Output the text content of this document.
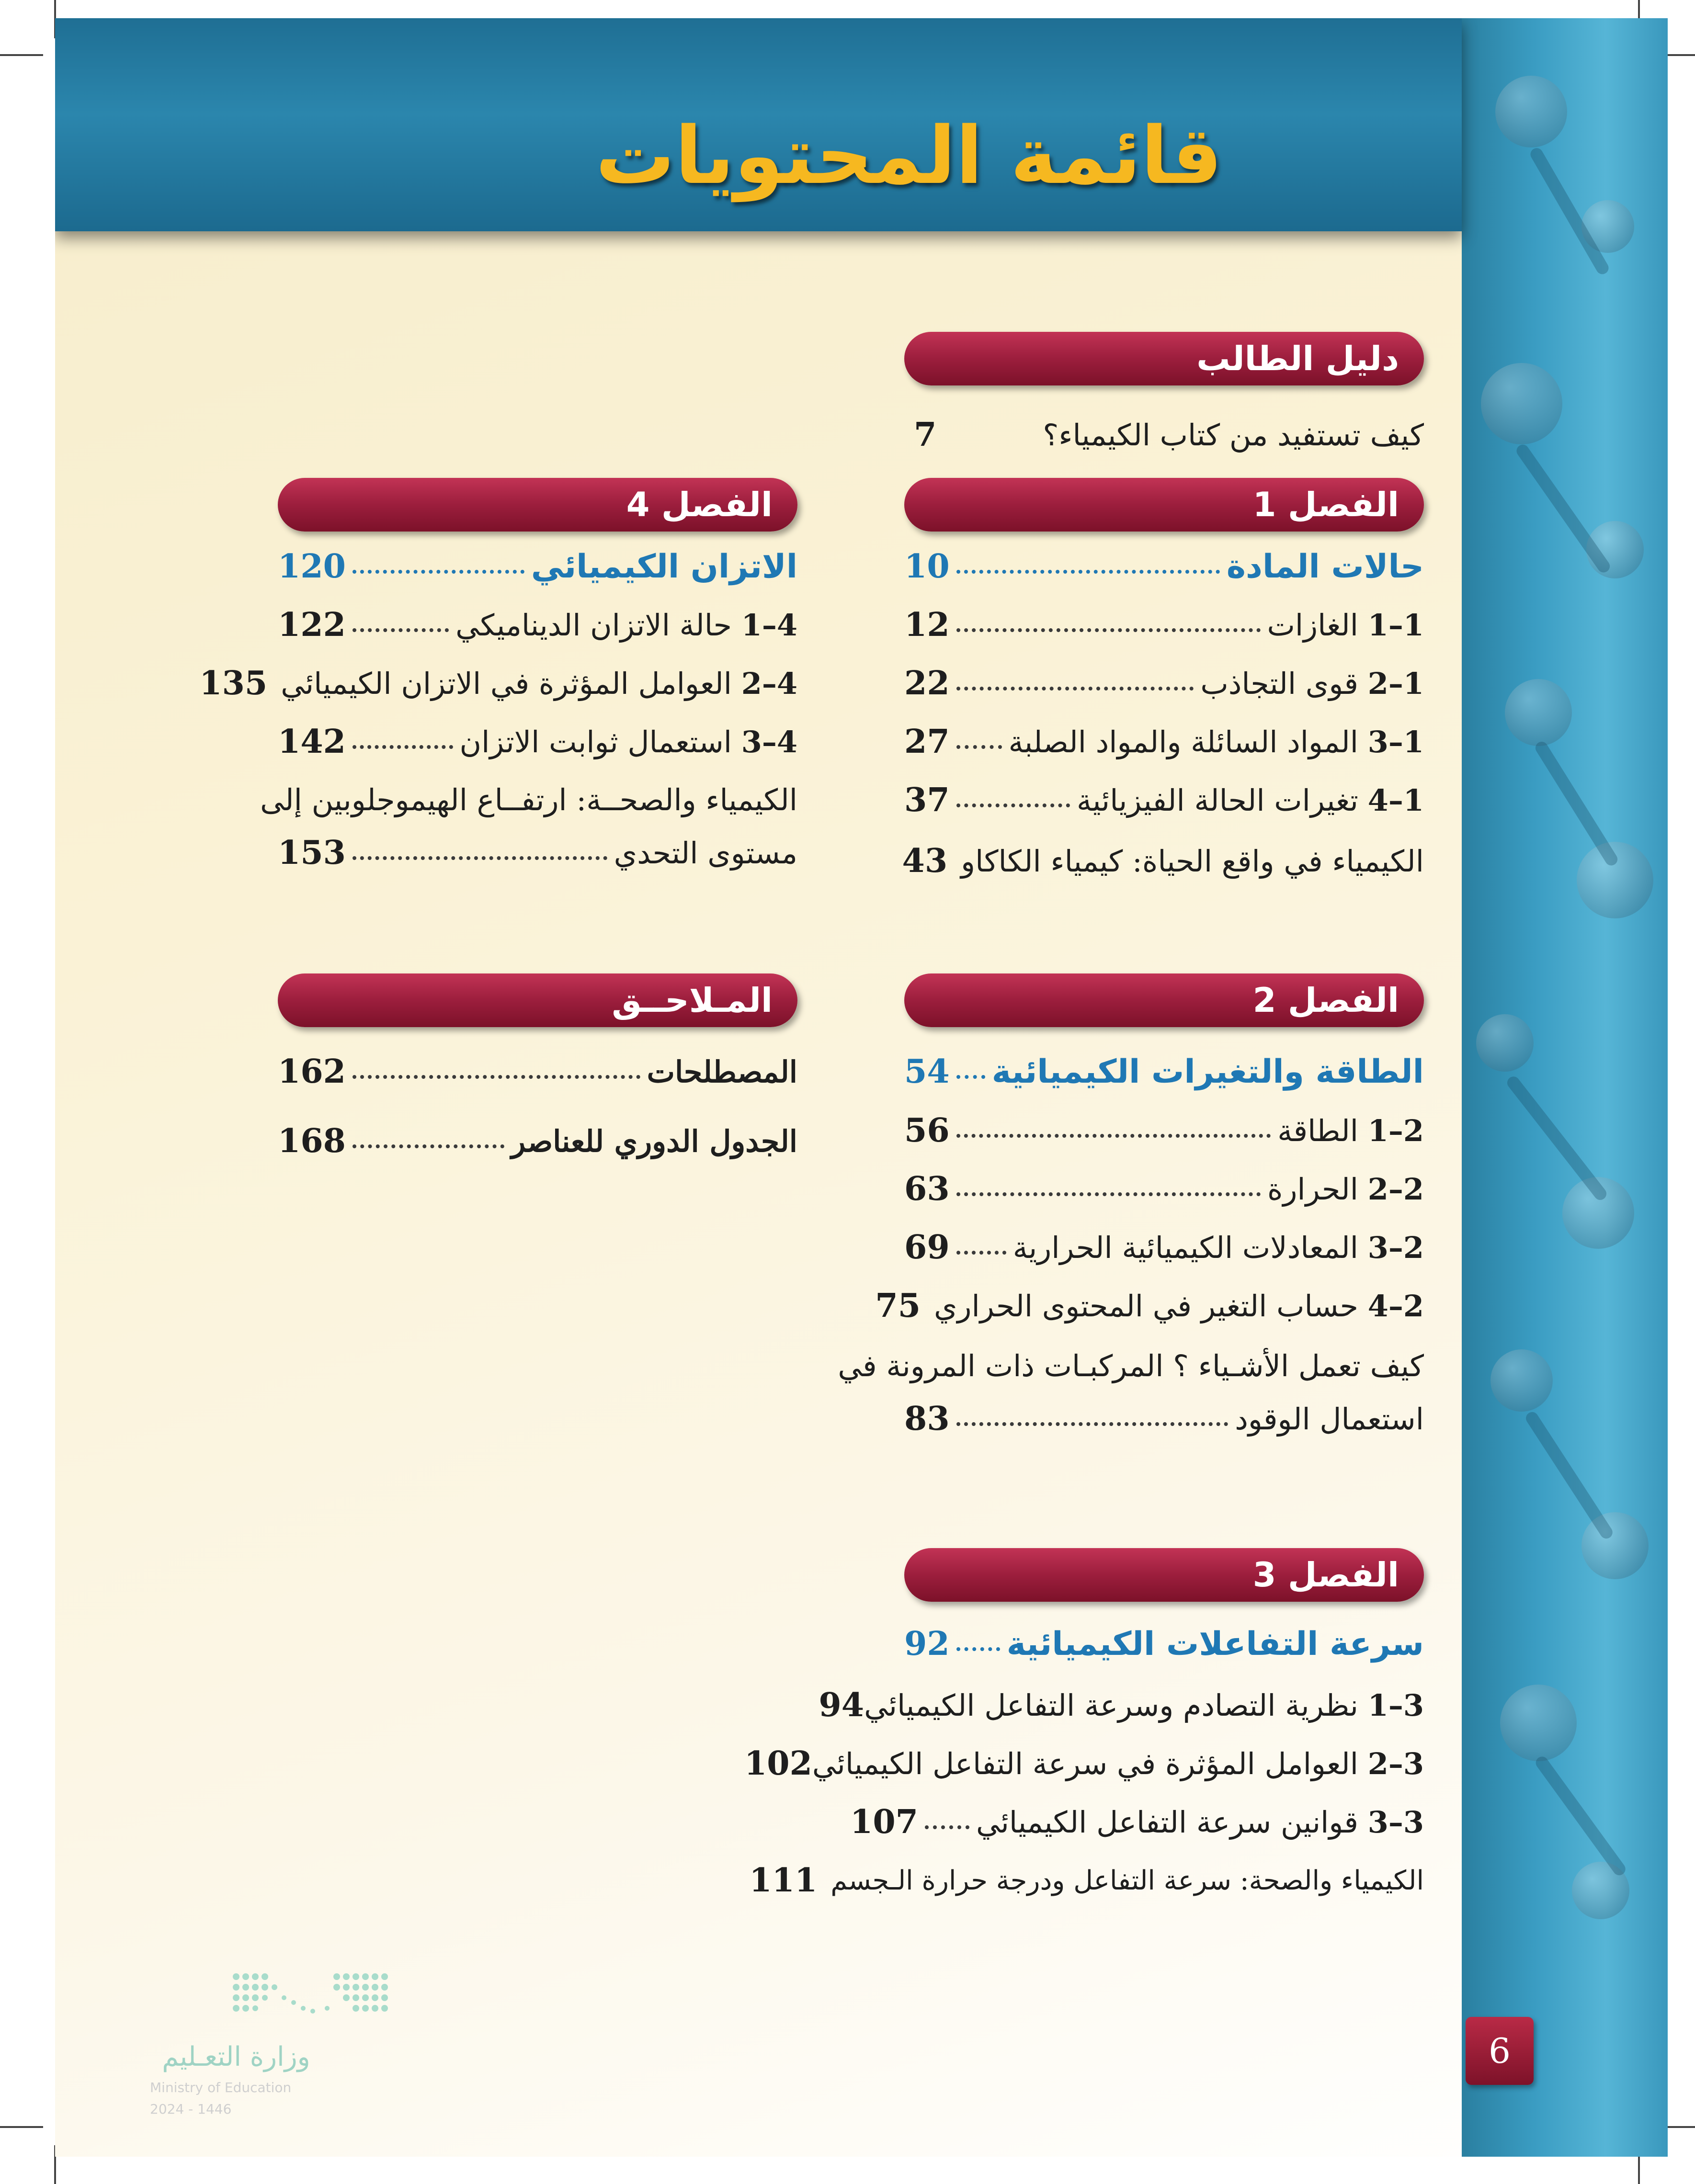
قائمة المحتويات
دليل الطالب
كيف تستفيد من كتاب الكيمياء؟
7
الفصل 1
حالات المادة
10
1–1 الغازات
12
1–2 قوى التجاذب
22
1–3 المواد السائلة والمواد الصلبة
27
1–4 تغيرات الحالة الفيزيائية
37
الكيمياء في واقع الحياة: كيمياء الكاكاو
43
الفصل 2
الطاقة والتغيرات الكيميائية
54
2–1 الطاقة
56
2–2 الحرارة
63
2–3 المعادلات الكيميائية الحرارية
69
2–4 حساب التغير في المحتوى الحراري
75
كيف تعمل الأشـياء ؟ المركبـات ذات المرونة في
استعمال الوقود
83
الفصل 3
سرعة التفاعلات الكيميائية
92
3–1 نظرية التصادم وسرعة التفاعل الكيميائي
94
3–2 العوامل المؤثرة في سرعة التفاعل الكيميائي
102
3–3 قوانين سرعة التفاعل الكيميائي
107
الكيمياء والصحة: سرعة التفاعل ودرجة حرارة الـجسم
111
الفصل 4
الاتزان الكيميائي
120
4–1 حالة الاتزان الديناميكي
122
4–2 العوامل المؤثرة في الاتزان الكيميائي
135
4–3 استعمال ثوابت الاتزان
142
الكيمياء والصحــة: ارتفــاع الهيموجلوبين إلى
مستوى التحدي
153
المـلاحــق
المصطلحات
162
الجدول الدوري للعناصر
168
6
وزارة التعـليم
Ministry of Education
2024 - 1446
